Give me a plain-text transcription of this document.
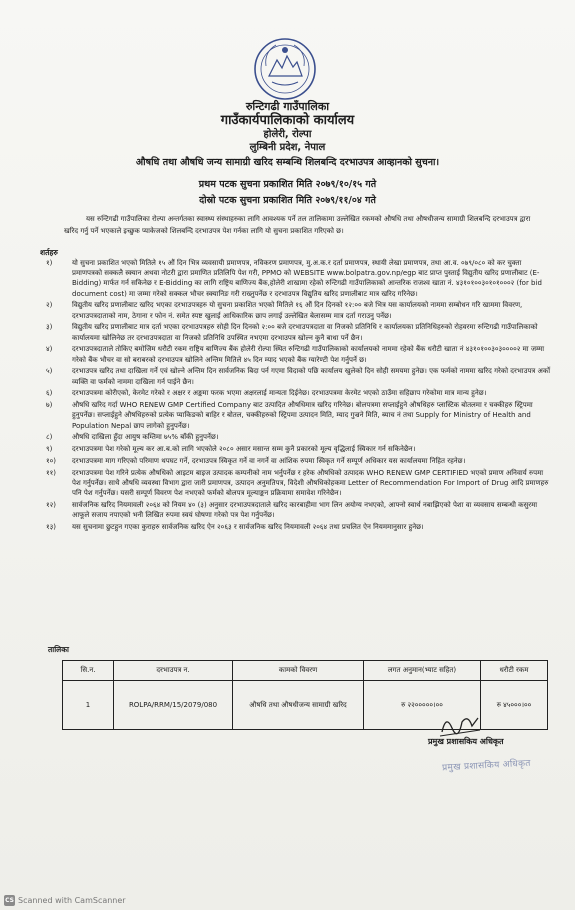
रुन्टिगढी गाउँपालिका
गाउँकार्यपालिकाको कार्यालय
होलेरी, रोल्पा
लुम्बिनी प्रदेश, नेपाल
औषधि तथा औषधि जन्य सामाग्री खरिद सम्बन्धि शिलबन्दि दरभाउपत्र आव्हानको सुचना।
प्रथम पटक सुचना प्रकाशित मिति २०७९/१०/१५ गते
दोस्रो पटक सुचना प्रकाशित मिति २०७९/११/०४ गते
यस रुन्टिगढी गाउँपालिका रोल्पा अन्तर्गतका स्वास्थ्य संस्थाहरुका लागि आवश्यक पर्ने तल तालिकामा उल्लेखित रकमको औषधि तथा औषधीजन्य सामाग्री शिलबन्दि दरभाउपत्र द्वारा खरिद गर्नु पर्ने भएकाले इच्छुक प्याकेजको शिलबन्दि दरभाउपत्र पेश गर्नका लागि यो सुचना प्रकाशित गरिएको छ।
शर्तहरु
१)	यो सुचना प्रकाशित भएको मितिले १५ औं दिन भित्र व्यवसायी प्रमाणपत्र, नविकरण प्रमाणपत्र, मु.अ.क.र दर्ता प्रमाणपत्र, स्थायी लेखा प्रमाणपत्र, तथा आ.व. ०७९/०८० को कर चुक्ता प्रमाणपत्रको सक्कलै स्क्यान अथवा नोटरी द्वारा प्रमाणित प्रतिलिपि पेश गरी, PPMO को WEBSITE www.bolpatra.gov.np/egp बाट प्राप्त पुस्ताई विद्युतीय खरिद प्रणालीबाट (E- Bidding) मार्फत गर्न सकिनेछ र E-Bidding का लागि राष्ट्रिय बाणिज्य बैंक,होलेरी शाखामा रहेको रुन्टिगढी गाउँपालिकाको आन्तरिक राजश्व खाता नं. ४३१०१००३०१०१०००२ (for bid document cost) मा जम्मा गरेको सक्कल भौचर स्क्यानिङ गरी राख्नुपर्नेछ र दरभाउपत्र विद्युतिय खरिद प्रणालीबाट मात्र खरिद गरिनेछ।
२)	विद्युतीय खरिद प्रणालीबाट खरिद भएका दरभाउपत्रहरु यो सुचना प्रकाशित भएको मितिले १६ औं दिन दिनको १२:०० बजे भित्र यस कार्यालयको नाममा सम्बोधन गरि खाममा विवरण, दरभाउपत्रदाताको नाम, ठेगाना र फोन नं. समेत स्पष्ट खुलाई आधिकारिक छाप लगाई उल्लेखित बेलासम्म मात्र दर्ता गराउनु पर्नेछ।
३)	विद्युतीय खरिद प्रणालीबाट मात्र दर्ता भएका दरभाउपत्रहरु सोही दिन दिनको २:०० बजे दरभाउपत्रदाता वा निजको प्रतिनिधि र कार्यालयका प्रतिनिधिहरुको रोहवरमा रुन्टिगढी गाउँपालिकाको कार्यालयमा खोलिनेछ तर दरभाउपत्रदाता वा निजको प्रतिनिधि उपस्थित नभएमा दरभाउपत्र खोल्न कुनै बाधा पर्ने छैन।
४)	दरभाउपत्रदाताले तोकिए बमोजिम धरौटी रकम राष्ट्रिय बाणिज्य बैंक होलेरी रोल्पा स्थित रुन्टिगढी गाउँपालिकाको कार्यालयको नाममा रहेको बैंक धरौटी खाता नं ४३१०१००३०३००००२ मा जम्मा गरेको बैंक भौचर वा सो बराबरको दरभाउपत्र खोलिने अन्तिम मितिले ४५ दिन म्याद भएको बैंक ग्यारेण्टी पेश गर्नुपर्ने छ।
५)	दरभाउपत्र खरिद तथा दाखिला गर्ने एवं खोल्ने अन्तिम दिन सार्वजनिक बिदा पर्न गएमा विदाको पछि कार्यालय खुलेको दिन सोही समयमा हुनेछ। एक फर्मको नाममा खरिद गरेको दरभाउपत्र अर्को व्यक्ति वा फर्मको नाममा दाखिला गर्न पाईने छैन।
६)	दरभाउपत्रमा कोरीएको, केरमेट गरेको र अक्षर र अङ्कमा फरक भएमा अक्षरलाई मान्यता दिईनेछ। दरभाउपत्रमा केरमेट भएको ठाउँमा सहिछाप गरेकोमा मात्र मान्य हुनेछ।
७)	औषधि खरिद गर्दा WHO RENEW GMP Certified Company बाट उत्पादित औषधिमात्र खरिद गरिनेछ। बोलपत्रमा सप्लाईहुने औषधिहरु प्लास्टिक बोतलमा र चक्कीहरु स्ट्रिपमा हुनुपर्नेछ। सप्लाईहुने औषधिहरुको प्रत्येक प्याकिङको बाहिर र बोतल, चक्कीहरुको स्ट्रिपमा उत्पादन मिति, म्याद गुज्रने मिति, ब्याच नं तथा Supply for Ministry of Health and Population Nepal छाप लागेको हुनुपर्नेछ।
८)	औषधि दाखिला हुँदा आयुष कम्तिमा ७५% बाँकी हुनुपर्नेछ।
९)	दरभाउपत्रमा पेश गरेको मूल्य कर आ.ब.को लागि भएकोले २०८० असार मसान्त सम्म कुनै प्रकारको मूल्य वृद्धिलाई स्विकार गर्न सकिनेछैन।
१०)	दरभाउपत्रमा माग गरिएको परिमाण थपघट गर्ने, दरभाउपत्र स्विकृत गर्ने वा नगर्ने वा आंशिक रुपमा स्विकृत गर्ने सम्पूर्ण अधिकार यस कार्यालयमा निहित रहनेछ।
११)	दरभाउपत्रमा पेश गरिने प्रत्येक औषधिको आइटम बाइज उत्पादक कम्पनीको नाम भर्नुपर्नेछ र हरेक औषधिको उत्पादक WHO RENEW GMP CERTIFIED भएको प्रमाण अनिवार्य रुपमा पेश गर्नुपर्नेछ। साथै औषधि व्यवस्था विभाग द्वारा जारी प्रमाणपत्र, उत्पादन अनुमतिपत्र, विदेशी औषधिकोहकमा Letter of Recommendation For Import of Drug आदि प्रमाणहरु पनि पेश गर्नुपर्नेछ। यसरी सम्पूर्ण विवरण पेश नभएको फर्मको बोलपत्र मूल्याङ्कन प्रक्रियामा समावेश गरिनेछैन।
१२)	सार्वजनिक खरिद नियमावली २०६४ को नियम ४० (३) अनुसार दरभाउपत्रदाताले खरिद कारबाहीमा भाग लिन अयोग्य नभएको, आफ्नो स्वार्थ नबाझिएको पेशा वा व्यवसाय सम्बन्धी कसुरमा आफूले सजाय नपाएको भनी लिखित रुपमा स्वयं घोषणा गरेको पत्र पेश गर्नुपर्नेछ।
१३)	यस सुचनामा छुटहुन गएका कुराहरु सार्वजनिक खरिद ऐन २०६३ र सार्वजनिक खरिद नियमावली २०६४ तथा प्रचलित ऐन नियममानुसार हुनेछ।
तालिका
सि.न.	दरभाउपत्र न.	कामको विवरण	लगत अनुमान(भ्याट सहित)	धरौटी रकम
1	ROLPA/RRM/15/2079/080	औषधि तथा औषधीजन्य सामाग्री खरिद	रु २२०००००।००	रु ४५०००।००
प्रमुख प्रशासकिय अधिकृत
प्रमुख प्रशासकिय अधिकृत
CS Scanned with CamScanner
